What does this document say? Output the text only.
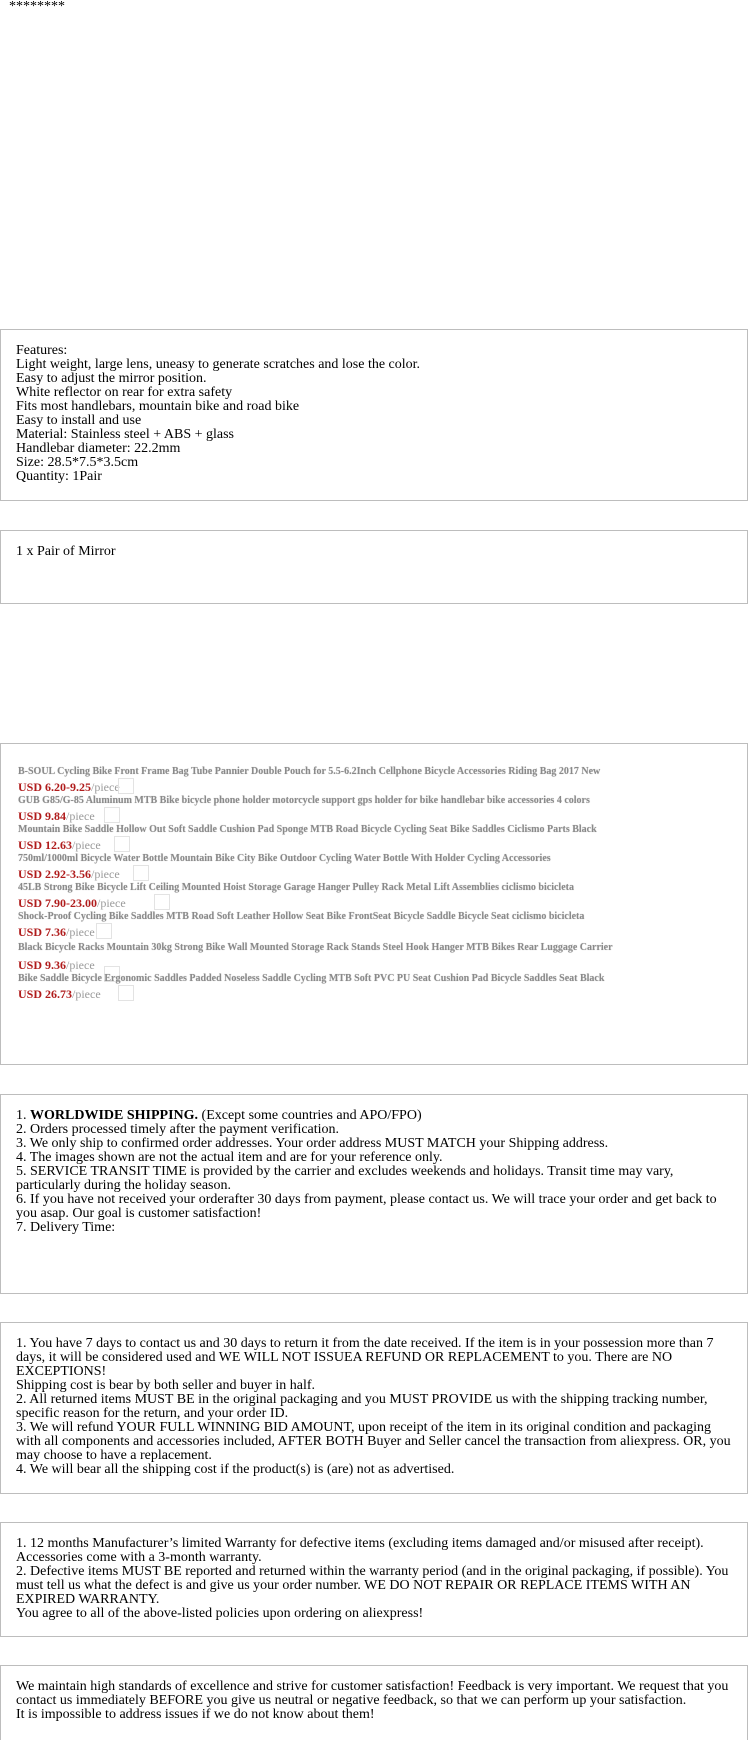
********
Features:
Light weight, large lens, uneasy to generate scratches and lose the color.
Easy to adjust the mirror position.
White reflector on rear for extra safety
Fits most handlebars, mountain bike and road bike
Easy to install and use
Material: Stainless steel + ABS + glass
Handlebar diameter: 22.2mm
Size: 28.5*7.5*3.5cm
Quantity: 1Pair
1 x Pair of Mirror
B-SOUL Cycling Bike Front Frame Bag Tube Pannier Double Pouch for 5.5-6.2Inch Cellphone Bicycle Accessories Riding Bag 2017 New
USD 6.20-9.25/piece
GUB G85/G-85 Aluminum MTB Bike bicycle phone holder motorcycle support gps holder for bike handlebar bike accessories 4 colors
USD 9.84/piece
Mountain Bike Saddle Hollow Out Soft Saddle Cushion Pad Sponge MTB Road Bicycle Cycling Seat Bike Saddles Ciclismo Parts Black
USD 12.63/piece
750ml/1000ml Bicycle Water Bottle Mountain Bike City Bike Outdoor Cycling Water Bottle With Holder Cycling Accessories
USD 2.92-3.56/piece
45LB Strong Bike Bicycle Lift Ceiling Mounted Hoist Storage Garage Hanger Pulley Rack Metal Lift Assemblies ciclismo bicicleta
USD 7.90-23.00/piece
Shock-Proof Cycling Bike Saddles MTB Road Soft Leather Hollow Seat Bike FrontSeat Bicycle Saddle Bicycle Seat ciclismo bicicleta
USD 7.36/piece
Black Bicycle Racks Mountain 30kg Strong Bike Wall Mounted Storage Rack Stands Steel Hook Hanger MTB Bikes Rear Luggage Carrier
USD 9.36/piece
Bike Saddle Bicycle Ergonomic Saddles Padded Noseless Saddle Cycling MTB Soft PVC PU Seat Cushion Pad Bicycle Saddles Seat Black
USD 26.73/piece
1. WORLDWIDE SHIPPING. (Except some countries and APO/FPO)
2. Orders processed timely after the payment verification.
3. We only ship to confirmed order addresses. Your order address MUST MATCH your Shipping address.
4. The images shown are not the actual item and are for your reference only.
5. SERVICE TRANSIT TIME is provided by the carrier and excludes weekends and holidays. Transit time may vary, particularly during the holiday season.
6. If you have not received your orderafter 30 days from payment, please contact us. We will trace your order and get back to you asap. Our goal is customer satisfaction!
7. Delivery Time:
1. You have 7 days to contact us and 30 days to return it from the date received. If the item is in your possession more than 7 days, it will be considered used and WE WILL NOT ISSUEA REFUND OR REPLACEMENT to you. There are NO EXCEPTIONS!
Shipping cost is bear by both seller and buyer in half.
2. All returned items MUST BE in the original packaging and you MUST PROVIDE us with the shipping tracking number, specific reason for the return, and your order ID.
3. We will refund YOUR FULL WINNING BID AMOUNT, upon receipt of the item in its original condition and packaging with all components and accessories included, AFTER BOTH Buyer and Seller cancel the transaction from aliexpress. OR, you may choose to have a replacement.
4. We will bear all the shipping cost if the product(s) is (are) not as advertised.
1. 12 months Manufacturer’s limited Warranty for defective items (excluding items damaged and/or misused after receipt). Accessories come with a 3-month warranty.
2. Defective items MUST BE reported and returned within the warranty period (and in the original packaging, if possible). You must tell us what the defect is and give us your order number. WE DO NOT REPAIR OR REPLACE ITEMS WITH AN EXPIRED WARRANTY.
You agree to all of the above-listed policies upon ordering on aliexpress!
We maintain high standards of excellence and strive for customer satisfaction! Feedback is very important. We request that you contact us immediately BEFORE you give us neutral or negative feedback, so that we can perform up your satisfaction.
It is impossible to address issues if we do not know about them!
